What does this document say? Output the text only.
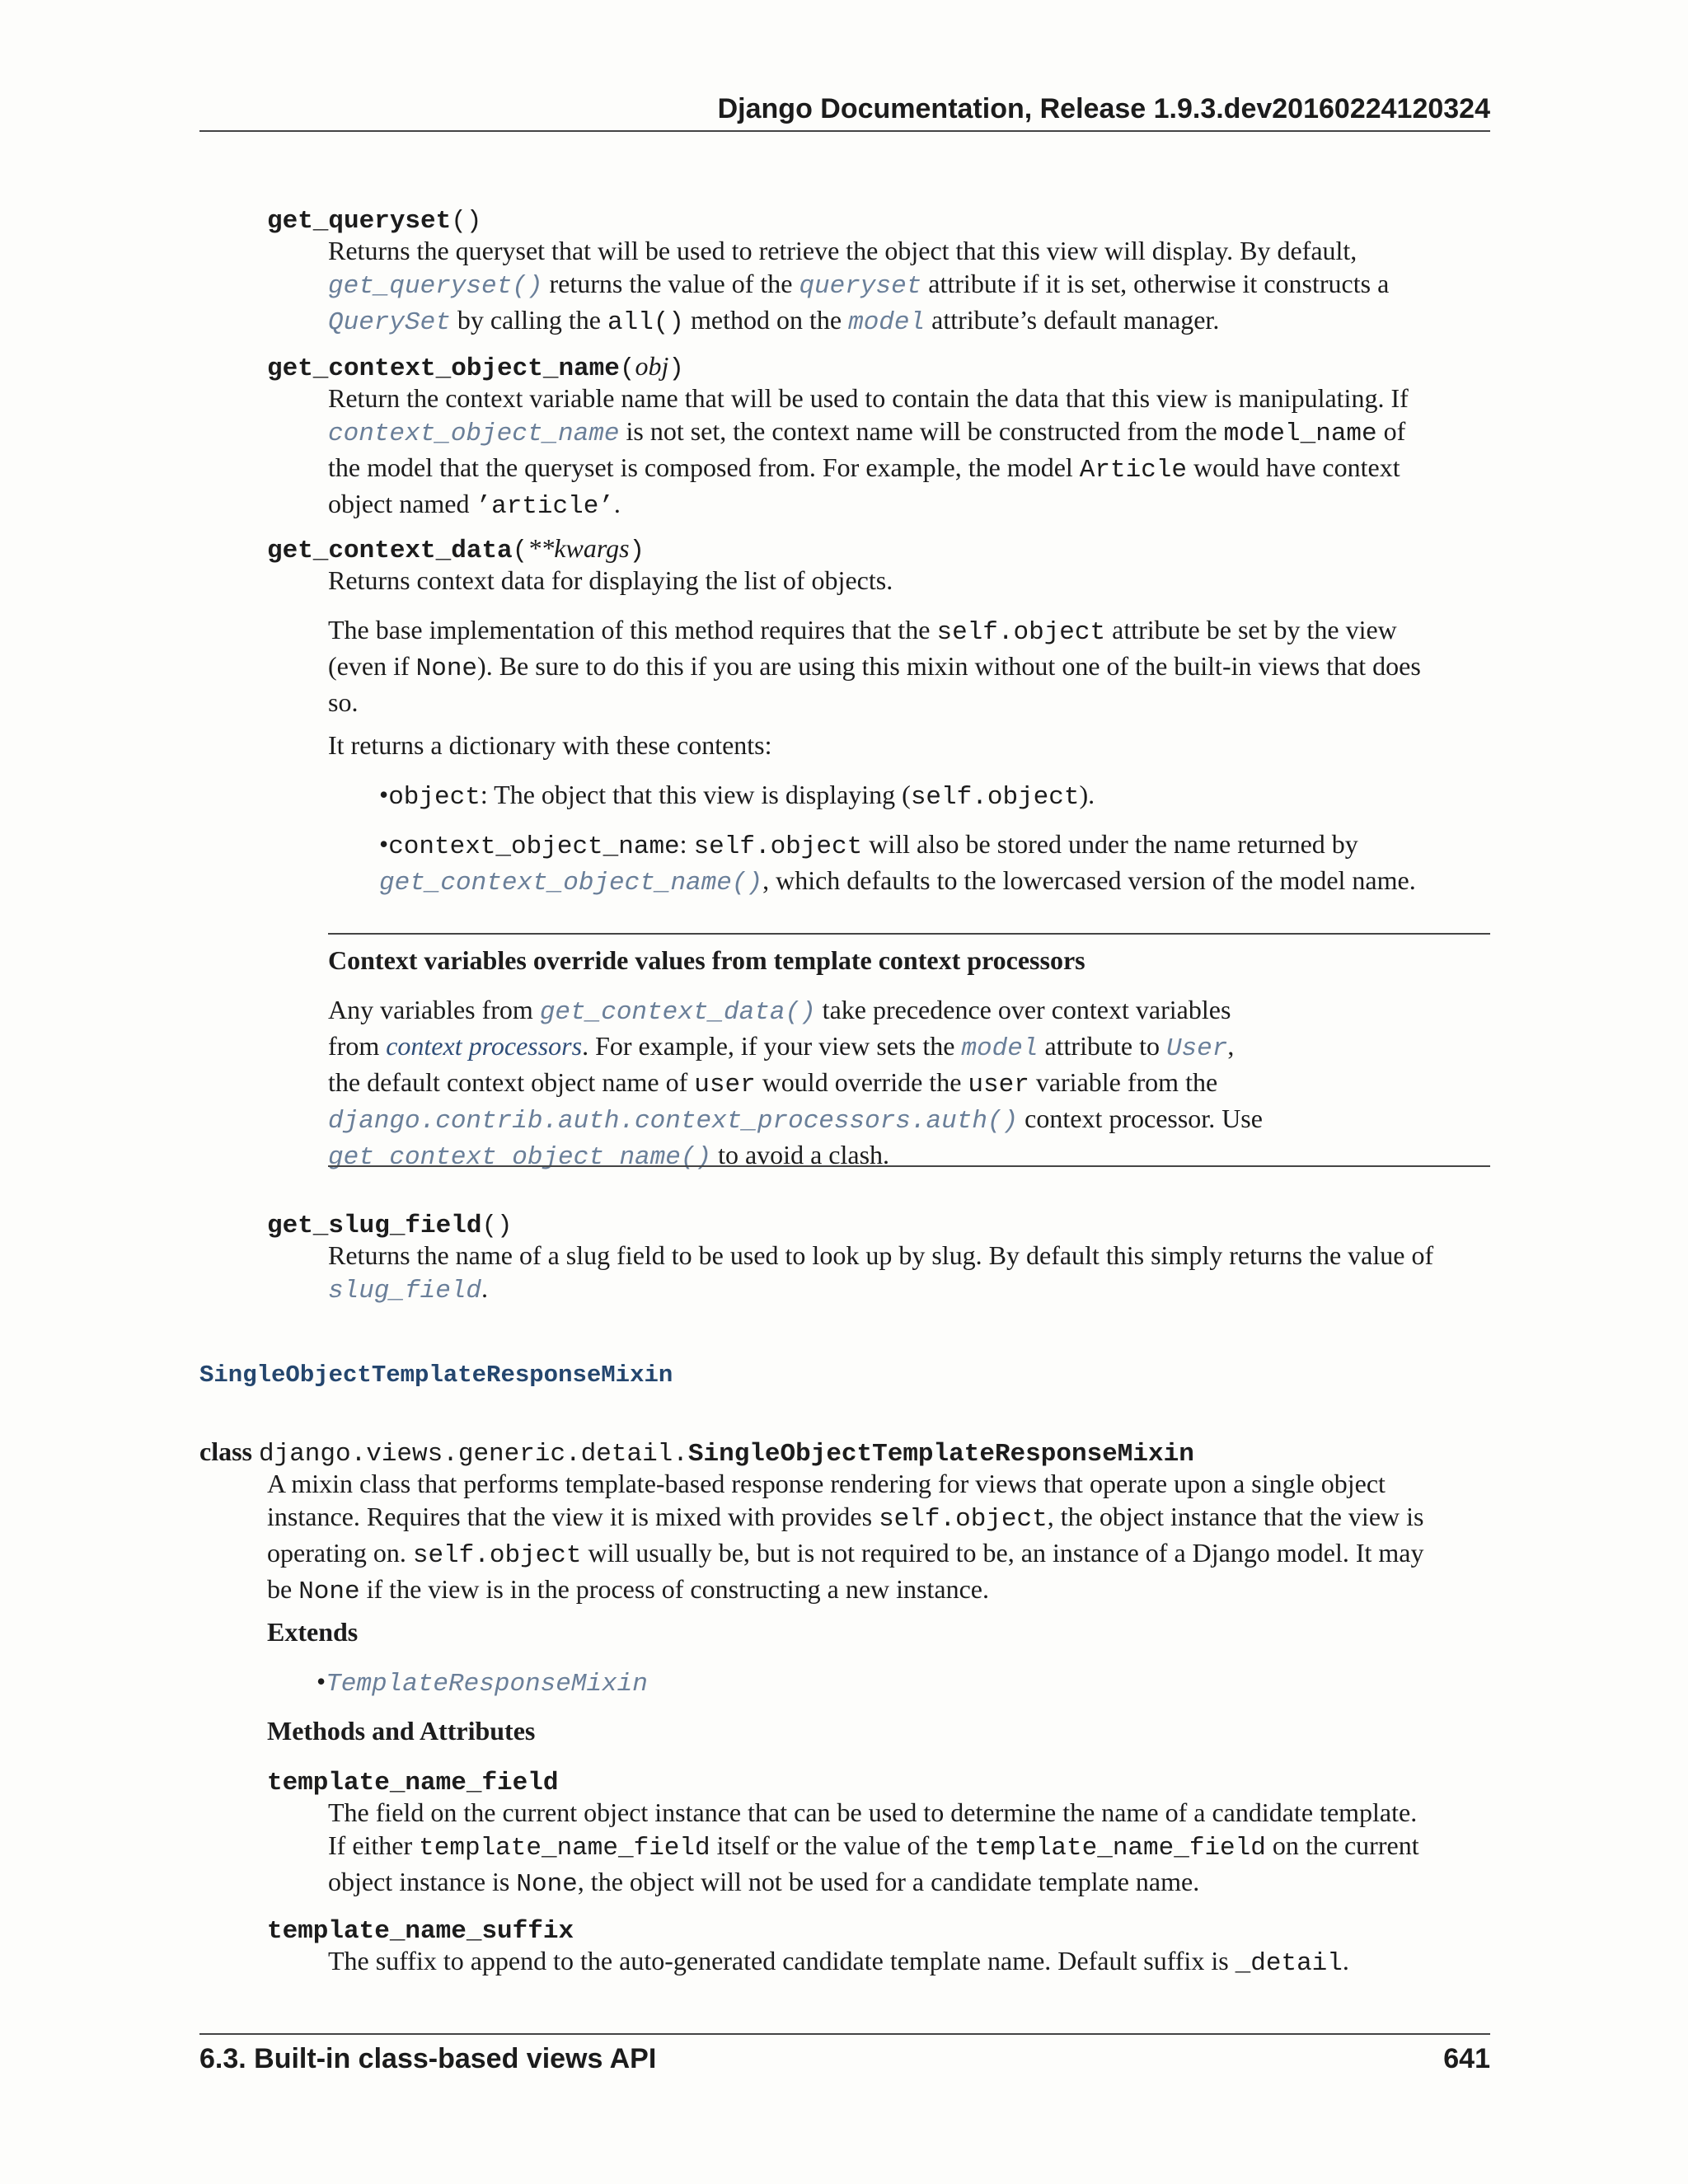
Django Documentation, Release 1.9.3.dev20160224120324
get_queryset()
Returns the queryset that will be used to retrieve the object that this view will display. By default,
get_queryset() returns the value of the queryset attribute if it is set, otherwise it constructs a
QuerySet by calling the all() method on the model attribute’s default manager.
get_context_object_name(obj)
Return the context variable name that will be used to contain the data that this view is manipulating. If
context_object_name is not set, the context name will be constructed from the model_name of
the model that the queryset is composed from. For example, the model Article would have context
object named ’article’.
get_context_data(**kwargs)
Returns context data for displaying the list of objects.
The base implementation of this method requires that the self.object attribute be set by the view
(even if None). Be sure to do this if you are using this mixin without one of the built-in views that does
so.
It returns a dictionary with these contents:

•object: The object that this view is displaying (self.object).

•context_object_name: self.object will also be stored under the name returned by

get_context_object_name(), which defaults to the lowercased version of the model name.

Context variables override values from template context processors
Any variables from get_context_data() take precedence over context variables
from context processors. For example, if your view sets the model attribute to User,
the default context object name of user would override the user variable from the
django.contrib.auth.context_processors.auth() context processor. Use
get_context_object_name() to avoid a clash.
get_slug_field()
Returns the name of a slug field to be used to look up by slug. By default this simply returns the value of
slug_field.
SingleObjectTemplateResponseMixin
class django.views.generic.detail.SingleObjectTemplateResponseMixin
A mixin class that performs template-based response rendering for views that operate upon a single object
instance. Requires that the view it is mixed with provides self.object, the object instance that the view is
operating on. self.object will usually be, but is not required to be, an instance of a Django model. It may
be None if the view is in the process of constructing a new instance.
Extends
•TemplateResponseMixin
Methods and Attributes
template_name_field
The field on the current object instance that can be used to determine the name of a candidate template.
If either template_name_field itself or the value of the template_name_field on the current
object instance is None, the object will not be used for a candidate template name.
template_name_suffix
The suffix to append to the auto-generated candidate template name. Default suffix is _detail.
6.3. Built-in class-based views API	641
